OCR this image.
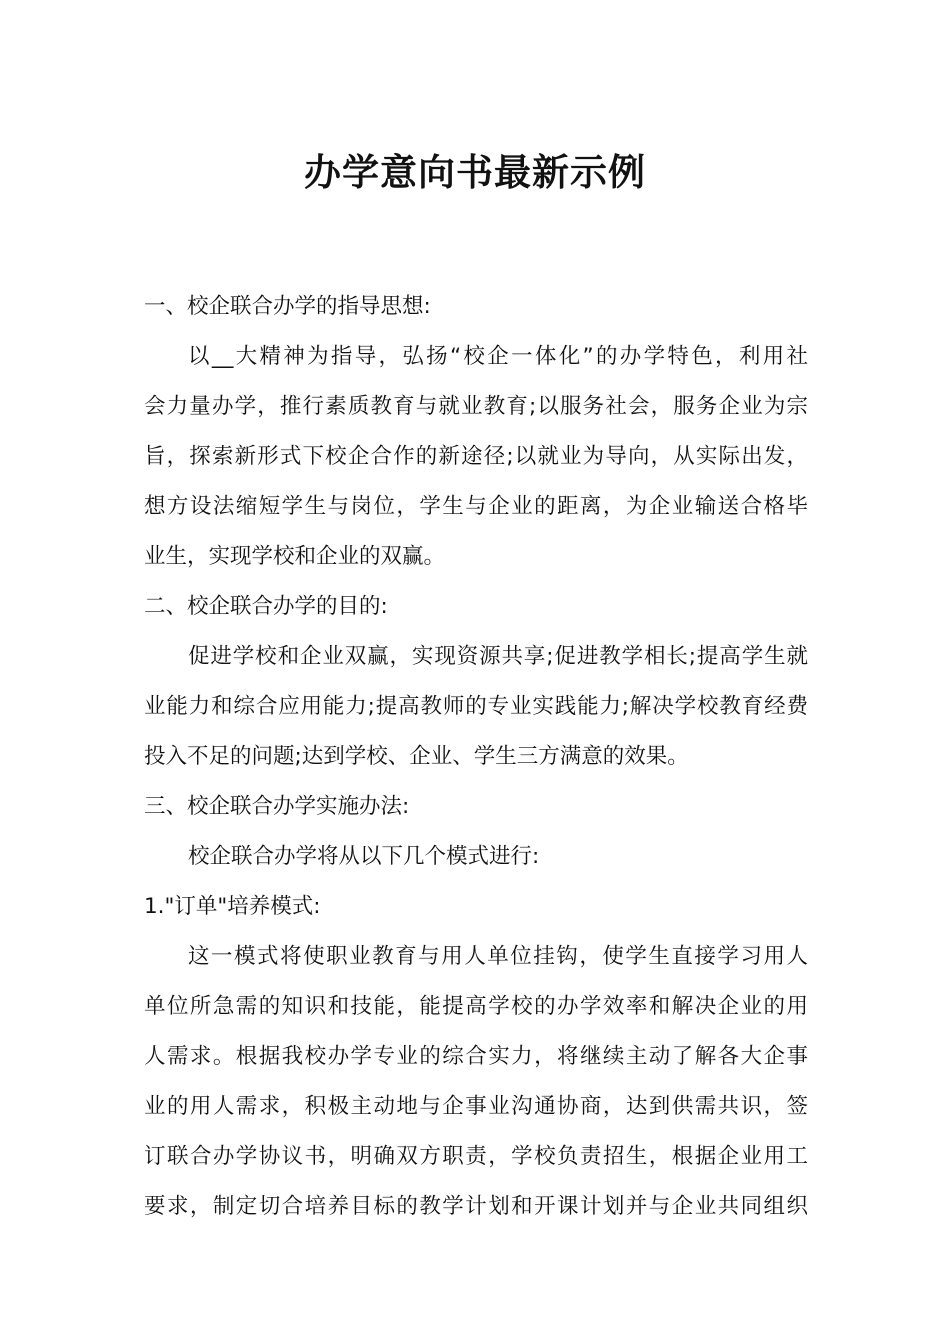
办学意向书最新示例

一、校企联合办学的指导思想:

以__大精神为指导，弘扬“校企一体化”的办学特色，利用社

会力量办学，推行素质教育与就业教育;以服务社会，服务企业为宗

旨，探索新形式下校企合作的新途径;以就业为导向，从实际出发，

想方设法缩短学生与岗位，学生与企业的距离，为企业输送合格毕

业生，实现学校和企业的双赢。

二、校企联合办学的目的:

促进学校和企业双赢，实现资源共享;促进教学相长;提高学生就

业能力和综合应用能力;提高教师的专业实践能力;解决学校教育经费

投入不足的问题;达到学校、企业、学生三方满意的效果。

三、校企联合办学实施办法:

校企联合办学将从以下几个模式进行:

1."订单"培养模式:

这一模式将使职业教育与用人单位挂钩，使学生直接学习用人

单位所急需的知识和技能，能提高学校的办学效率和解决企业的用

人需求。根据我校办学专业的综合实力，将继续主动了解各大企事

业的用人需求，积极主动地与企事业沟通协商，达到供需共识，签

订联合办学协议书，明确双方职责，学校负责招生，根据企业用工

要求，制定切合培养目标的教学计划和开课计划并与企业共同组织
